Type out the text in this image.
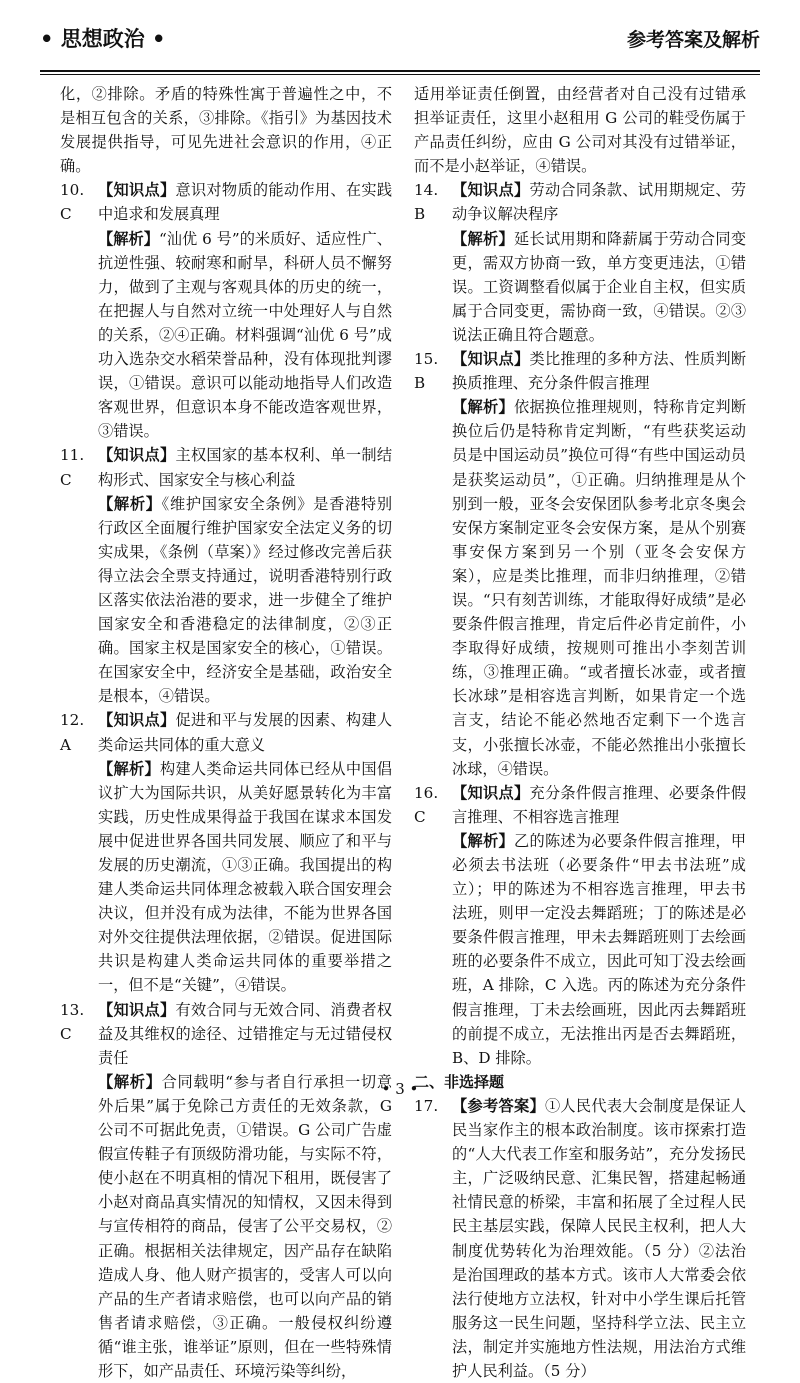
• 思想政治 •	参考答案及解析

化，②排除。矛盾的特殊性寓于普遍性之中，不是相互包含的关系，③排除。《指引》为基因技术发展提供指导，可见先进社会意识的作用，④正确。

10. C

【知识点】意识对物质的能动作用、在实践中追求和发展真理

【解析】“汕优 6 号”的米质好、适应性广、抗逆性强、较耐寒和耐旱，科研人员不懈努力，做到了主观与客观具体的历史的统一，在把握人与自然对立统一中处理好人与自然的关系，②④正确。材料强调“汕优 6 号”成功入选杂交水稻荣誉品种，没有体现批判谬误，①错误。意识可以能动地指导人们改造客观世界，但意识本身不能改造客观世界，③错误。

11. C

【知识点】主权国家的基本权利、单一制结构形式、国家安全与核心利益

【解析】《维护国家安全条例》是香港特别行政区全面履行维护国家安全法定义务的切实成果，《条例（草案）》经过修改完善后获得立法会全票支持通过，说明香港特别行政区落实依法治港的要求，进一步健全了维护国家安全和香港稳定的法律制度，②③正确。国家主权是国家安全的核心，①错误。在国家安全中，经济安全是基础，政治安全是根本，④错误。

12. A

【知识点】促进和平与发展的因素、构建人类命运共同体的重大意义

【解析】构建人类命运共同体已经从中国倡议扩大为国际共识，从美好愿景转化为丰富实践，历史性成果得益于我国在谋求本国发展中促进世界各国共同发展、顺应了和平与发展的历史潮流，①③正确。我国提出的构建人类命运共同体理念被载入联合国安理会决议，但并没有成为法律，不能为世界各国对外交往提供法理依据，②错误。促进国际共识是构建人类命运共同体的重要举措之一，但不是“关键”，④错误。

13. C

【知识点】有效合同与无效合同、消费者权益及其维权的途径、过错推定与无过错侵权责任

【解析】合同载明“参与者自行承担一切意外后果”属于免除己方责任的无效条款，G 公司不可据此免责，①错误。G 公司广告虚假宣传鞋子有顶级防滑功能，与实际不符，使小赵在不明真相的情况下租用，既侵害了小赵对商品真实情况的知情权，又因未得到与宣传相符的商品，侵害了公平交易权，②正确。根据相关法律规定，因产品存在缺陷造成人身、他人财产损害的，受害人可以向产品的生产者请求赔偿，也可以向产品的销售者请求赔偿，③正确。一般侵权纠纷遵循“谁主张，谁举证”原则，但在一些特殊情形下，如产品责任、环境污染等纠纷，

适用举证责任倒置，由经营者对自己没有过错承担举证责任，这里小赵租用 G 公司的鞋受伤属于产品责任纠纷，应由 G 公司对其没有过错举证，而不是小赵举证，④错误。

14. B

【知识点】劳动合同条款、试用期规定、劳动争议解决程序

【解析】延长试用期和降薪属于劳动合同变更，需双方协商一致，单方变更违法，①错误。工资调整看似属于企业自主权，但实质属于合同变更，需协商一致，④错误。②③说法正确且符合题意。

15. B

【知识点】类比推理的多种方法、性质判断换质推理、充分条件假言推理

【解析】依据换位推理规则，特称肯定判断换位后仍是特称肯定判断，“有些获奖运动员是中国运动员”换位可得“有些中国运动员是获奖运动员”，①正确。归纳推理是从个别到一般，亚冬会安保团队参考北京冬奥会安保方案制定亚冬会安保方案，是从个别赛事安保方案到另一个别（亚冬会安保方案），应是类比推理，而非归纳推理，②错误。“只有刻苦训练，才能取得好成绩”是必要条件假言推理，肯定后件必肯定前件，小李取得好成绩，按规则可推出小李刻苦训练，③推理正确。“或者擅长冰壶，或者擅长冰球”是相容选言判断，如果肯定一个选言支，结论不能必然地否定剩下一个选言支，小张擅长冰壶，不能必然推出小张擅长冰球，④错误。

16. C

【知识点】充分条件假言推理、必要条件假言推理、不相容选言推理

【解析】乙的陈述为必要条件假言推理，甲必须去书法班（必要条件“甲去书法班”成立）；甲的陈述为不相容选言推理，甲去书法班，则甲一定没去舞蹈班；丁的陈述是必要条件假言推理，甲未去舞蹈班则丁去绘画班的必要条件不成立，因此可知丁没去绘画班，A 排除，C 入选。丙的陈述为充分条件假言推理，丁未去绘画班，因此丙去舞蹈班的前提不成立，无法推出丙是否去舞蹈班，B、D 排除。

二、非选择题

17. 【参考答案】①人民代表大会制度是保证人民当家作主的根本政治制度。该市探索打造的“人大代表工作室和服务站”，充分发扬民主，广泛吸纳民意、汇集民智，搭建起畅通社情民意的桥梁，丰富和拓展了全过程人民民主基层实践，保障人民民主权利，把人大制度优势转化为治理效能。（5 分）②法治是治国理政的基本方式。该市人大常委会依法行使地方立法权，针对中小学生课后托管服务这一民生问题，坚持科学立法、民主立法，制定并实施地方性法规，用法治方式维护人民利益。（5 分）

• 3 •
